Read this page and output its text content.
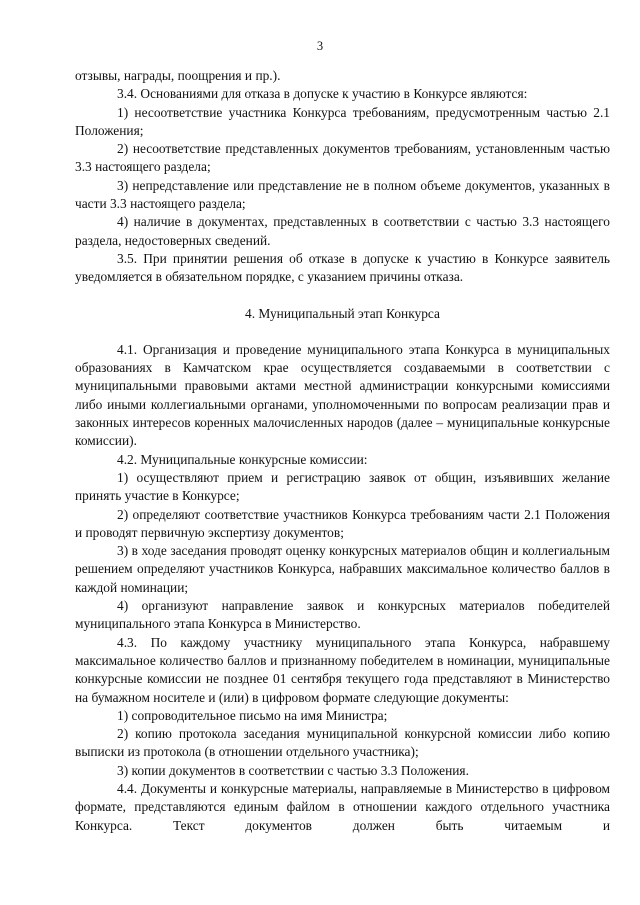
3

отзывы, награды, поощрения и пр.).

3.4. Основаниями для отказа в допуске к участию в Конкурсе являются:

1) несоответствие участника Конкурса требованиям, предусмотренным частью 2.1 Положения;

2) несоответствие представленных документов требованиям, установленным частью 3.3 настоящего раздела;

3) непредставление или представление не в полном объеме документов, указанных в части 3.3 настоящего раздела;

4) наличие в документах, представленных в соответствии с частью 3.3 настоящего раздела, недостоверных сведений.

3.5. При принятии решения об отказе в допуске к участию в Конкурсе заявитель уведомляется в обязательном порядке, с указанием причины отказа.

4. Муниципальный этап Конкурса

4.1. Организация и проведение муниципального этапа Конкурса в муниципальных образованиях в Камчатском крае осуществляется создаваемыми в соответствии с муниципальными правовыми актами местной администрации конкурсными комиссиями либо иными коллегиальными органами, уполномоченными по вопросам реализации прав и законных интересов коренных малочисленных народов (далее – муниципальные конкурсные комиссии).

4.2. Муниципальные конкурсные комиссии:

1) осуществляют прием и регистрацию заявок от общин, изъявивших желание принять участие в Конкурсе;

2) определяют соответствие участников Конкурса требованиям части 2.1 Положения и проводят первичную экспертизу документов;

3) в ходе заседания проводят оценку конкурсных материалов общин и коллегиальным решением определяют участников Конкурса, набравших максимальное количество баллов в каждой номинации;

4) организуют направление заявок и конкурсных материалов победителей муниципального этапа Конкурса в Министерство.

4.3. По каждому участнику муниципального этапа Конкурса, набравшему максимальное количество баллов и признанному победителем в номинации, муниципальные конкурсные комиссии не позднее 01 сентября текущего года представляют в Министерство на бумажном носителе и (или) в цифровом формате следующие документы:

1) сопроводительное письмо на имя Министра;

2) копию протокола заседания муниципальной конкурсной комиссии либо копию выписки из протокола (в отношении отдельного участника);

3) копии документов в соответствии с частью 3.3 Положения.

4.4. Документы и конкурсные материалы, направляемые в Министерство в цифровом формате, представляются единым файлом в отношении каждого отдельного участника Конкурса. Текст документов должен быть читаемым и
